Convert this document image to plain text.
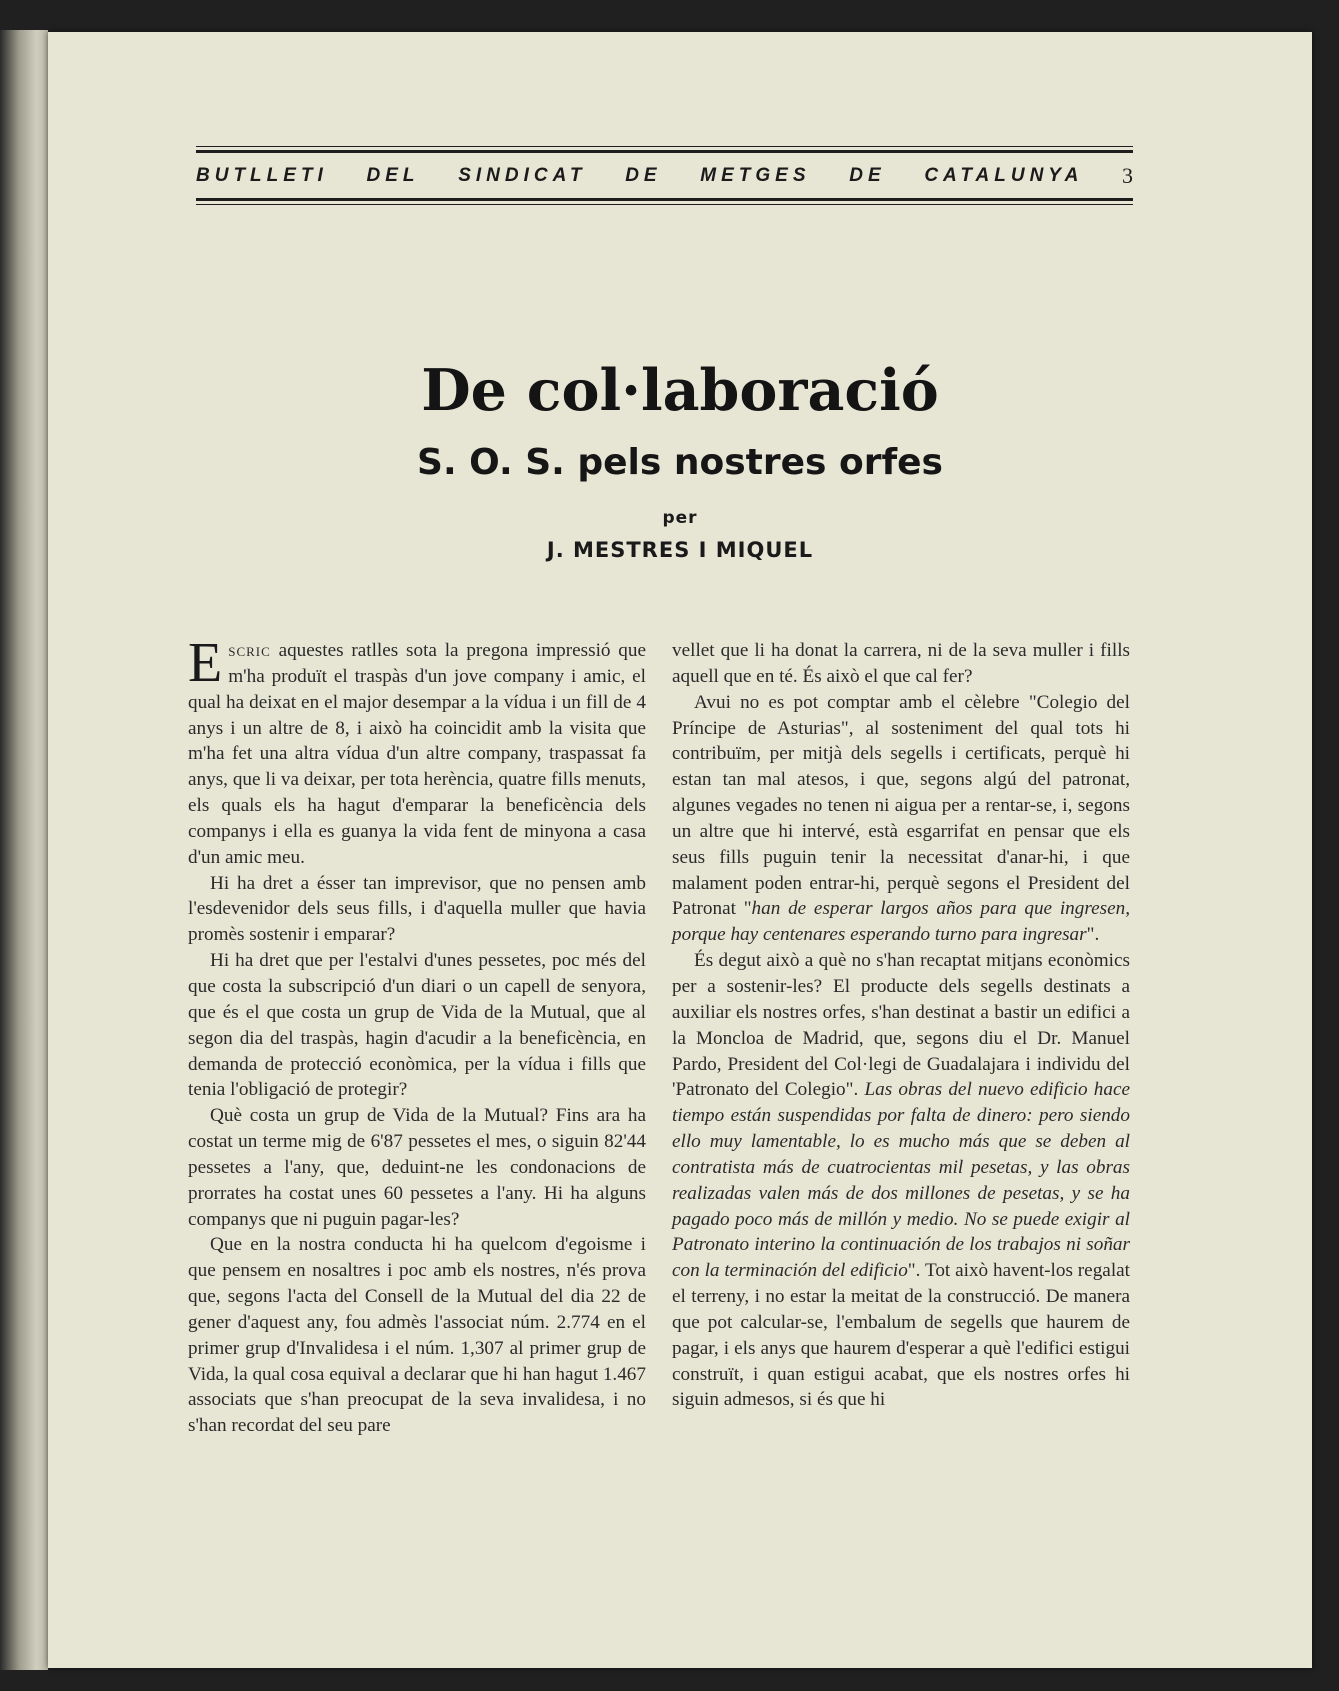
BUTLLETI DEL SINDICAT DE METGES DE CATALUNYA 3
De col·laboració
S. O. S. pels nostres orfes
per
J. MESTRES I MIQUEL

Escric aquestes ratlles sota la pregona impressió que m'ha produït el traspàs d'un jove company i amic, el qual ha deixat en el major desempar a la vídua i un fill de 4 anys i un altre de 8, i això ha coincidit amb la visita que m'ha fet una altra vídua d'un altre company, traspassat fa anys, que li va deixar, per tota herència, quatre fills menuts, els quals els ha hagut d'emparar la beneficència dels companys i ella es guanya la vida fent de minyona a casa d'un amic meu.

Hi ha dret a ésser tan imprevisor, que no pensen amb l'esdevenidor dels seus fills, i d'aquella muller que havia promès sostenir i emparar?

Hi ha dret que per l'estalvi d'unes pessetes, poc més del que costa la subscripció d'un diari o un capell de senyora, que és el que costa un grup de Vida de la Mutual, que al segon dia del traspàs, hagin d'acudir a la beneficència, en demanda de protecció econòmica, per la vídua i fills que tenia l'obligació de protegir?

Què costa un grup de Vida de la Mutual? Fins ara ha costat un terme mig de 6'87 pessetes el mes, o siguin 82'44 pessetes a l'any, que, deduint-ne les condonacions de prorrates ha costat unes 60 pessetes a l'any. Hi ha alguns companys que ni puguin pagar-les?

Que en la nostra conducta hi ha quelcom d'egoisme i que pensem en nosaltres i poc amb els nostres, n'és prova que, segons l'acta del Consell de la Mutual del dia 22 de gener d'aquest any, fou admès l'associat núm. 2.774 en el primer grup d'Invalidesa i el núm. 1,307 al primer grup de Vida, la qual cosa equival a declarar que hi han hagut 1.467 associats que s'han preocupat de la seva invalidesa, i no s'han recordat del seu pare

vellet que li ha donat la carrera, ni de la seva muller i fills aquell que en té. És això el que cal fer?

Avui no es pot comptar amb el cèlebre "Colegio del Príncipe de Asturias", al sosteniment del qual tots hi contribuïm, per mitjà dels segells i certificats, perquè hi estan tan mal atesos, i que, segons algú del patronat, algunes vegades no tenen ni aigua per a rentar-se, i, segons un altre que hi intervé, està esgarrifat en pensar que els seus fills puguin tenir la necessitat d'anar-hi, i que malament poden entrar-hi, perquè segons el President del Patronat "han de esperar largos años para que ingresen, porque hay centenares esperando turno para ingresar".

És degut això a què no s'han recaptat mitjans econòmics per a sostenir-les? El producte dels segells destinats a auxiliar els nostres orfes, s'han destinat a bastir un edifici a la Moncloa de Madrid, que, segons diu el Dr. Manuel Pardo, President del Col·legi de Guadalajara i individu del 'Patronato del Colegio". Las obras del nuevo edificio hace tiempo están suspendidas por falta de dinero: pero siendo ello muy lamentable, lo es mucho más que se deben al contratista más de cuatrocientas mil pesetas, y las obras realizadas valen más de dos millones de pesetas, y se ha pagado poco más de millón y medio. No se puede exigir al Patronato interino la continuación de los trabajos ni soñar con la terminación del edificio". Tot això havent-los regalat el terreny, i no estar la meitat de la construcció. De manera que pot calcular-se, l'embalum de segells que haurem de pagar, i els anys que haurem d'esperar a què l'edifici estigui construït, i quan estigui acabat, que els nostres orfes hi siguin admesos, si és que hi
